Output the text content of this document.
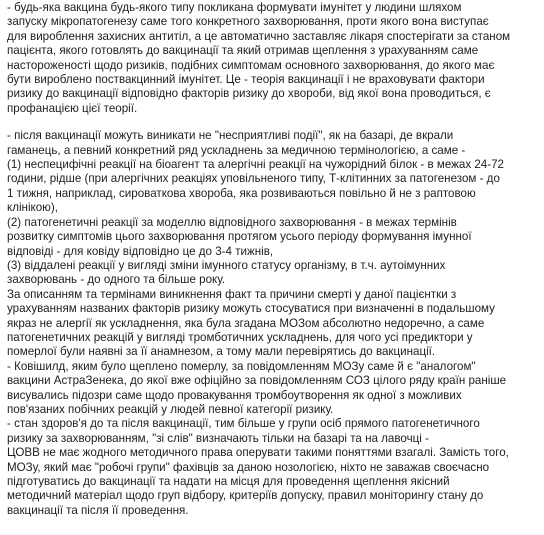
- будь-яка вакцина будь-якого типу покликана формувати імунітет у людини шляхом
запуску мікропатогенезу саме того конкретного захворювання, проти якого вона виступає
для вироблення захисних антитіл, а це автоматично заставляє лікаря спостерігати за станом
пацієнта, якого готовлять до вакцинації та який отримав щеплення з урахуванням саме
настороженості щодо ризиків, подібних симптомам основного захворювання, до якого має
бути вироблено поствакцинний імунітет. Це - теорія вакцинації і не враховувати фактори
ризику до вакцинації відповідно факторів ризику до хвороби, від якої вона проводиться, є
профанацією цієї теорії.
- після вакцинації можуть виникати не "несприятливі події", як на базарі, де вкрали
гаманець, а певний конкретний ряд ускладнень за медичною термінологією, а саме -
(1) неспецифічні реакції на біоагент та алергічні реакції на чужорідний білок - в межах 24-72
години, рідше (при алергічних реакціях уповільненого типу, Т-клітинних за патогенезом - до
1 тижня, наприклад, сироваткова хвороба, яка розвиваються повільно й не з раптовою
клінікою),
(2) патогенетичні реакції за моделлю відповідного захворювання - в межах термінів
розвитку симптомів цього захворювання протягом усього періоду формування імунної
відповіді - для ковіду відповідно це до 3-4 тижнів,
(3) віддалені реакції у вигляді зміни імунного статусу організму, в т.ч. аутоімунних
захворювань - до одного та більше року.
За описанням та термінами виникнення факт та причини смерті у даної пацієнтки з
урахуванням названих факторів ризику можуть стосуватися при визначенні в подальшому
якраз не алергії як ускладнення, яка була згадана МОЗом абсолютно недоречно, а саме
патогенетичних реакцій у вигляді тромботичних ускладнень, для чого усі предиктори у
померлої були наявні за її анамнезом, а тому мали перевірятись до вакцинації.
- Ковішилд, яким було щеплено померлу, за повідомленням МОЗу саме й є "аналогом"
вакцини АстраЗенека, до якої вже офіційно за повідомленням СОЗ цілого ряду країн раніше
висувались підозри саме щодо провакування тромбоутворення як одної з можливих
пов'язаних побічних реакцій у людей певної категорії ризику.
- стан здоров'я до та після вакцинації, тим більше у групи осіб прямого патогенетичного
ризику за захворюванням, "зі слів" визначають тільки на базарі та на лавочці -
ЦОВВ не має жодного методичного права оперувати такими поняттями взагалі. Замість того,
МОЗу, який має "робочі групи" фахівців за даною нозологією, ніхто не заважав своєчасно
підготуватись до вакцинації та надати на місця для проведення щеплення якісний
методичний матеріал щодо груп відбору, критеріїв допуску, правил моніторингу стану до
вакцинації та після її проведення.
